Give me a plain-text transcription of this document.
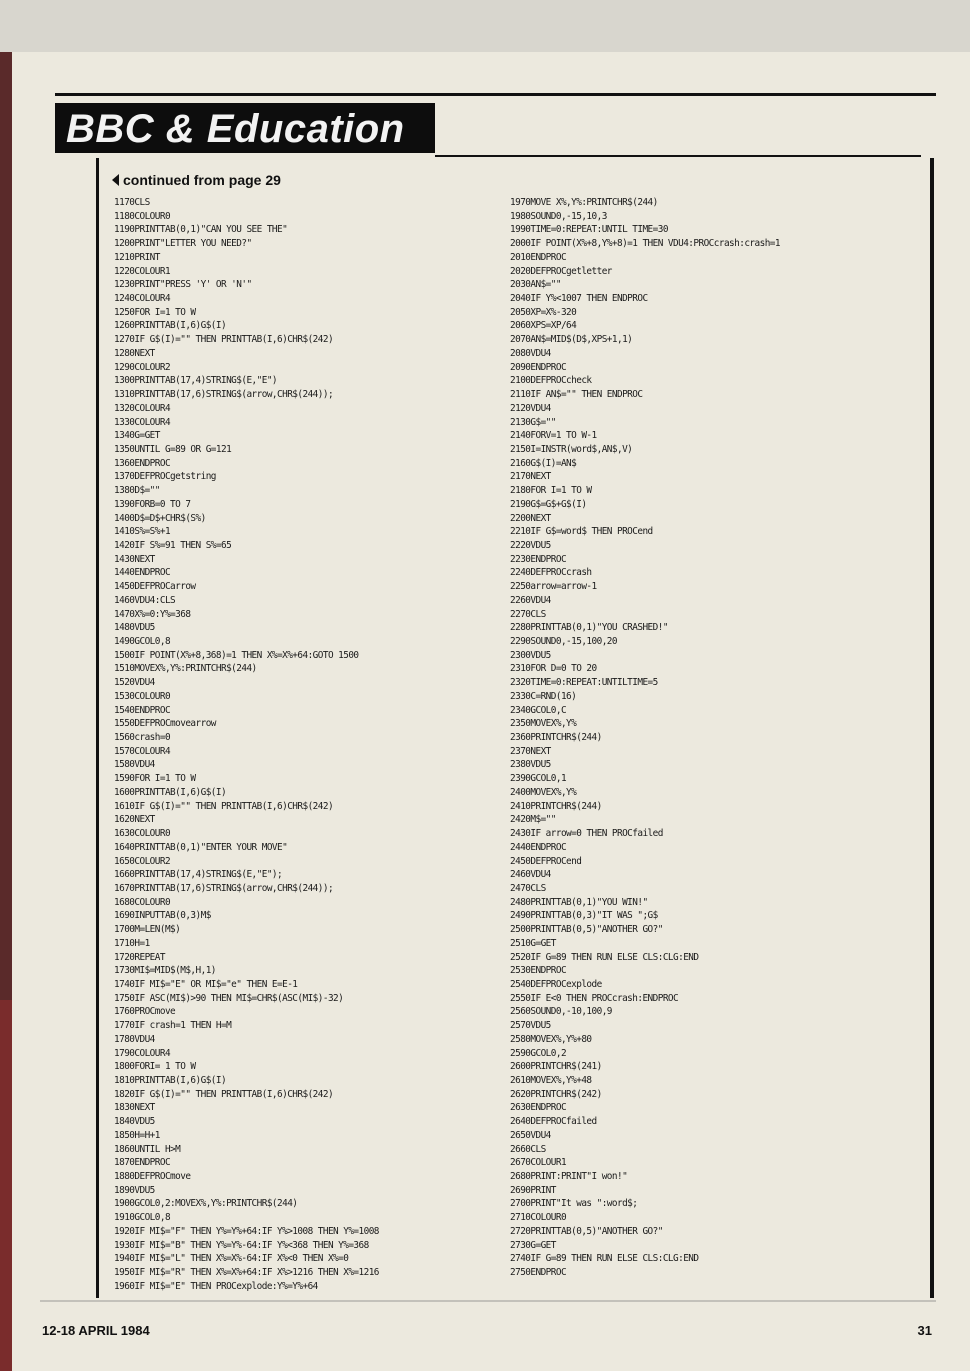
BBC & Education
continued from page 29
1170CLS
1180COLOUR0
1190PRINTTAB(0,1)"CAN YOU SEE THE"
1200PRINT"LETTER YOU NEED?"
1210PRINT
1220COLOUR1
1230PRINT"PRESS 'Y' OR 'N'"
1240COLOUR4
1250FOR I=1 TO W
1260PRINTTAB(I,6)G$(I)
1270IF G$(I)="" THEN PRINTTAB(I,6)CHR$(242)
1280NEXT
1290COLOUR2
1300PRINTTAB(17,4)STRING$(E,"E")
1310PRINTTAB(17,6)STRING$(arrow,CHR$(244));
1320COLOUR4
1330COLOUR4
1340G=GET
1350UNTIL G=89 OR G=121
1360ENDPROC
1370DEFPROCgetstring
1380D$=""
1390FORB=0 TO 7
1400D$=D$+CHR$(S%)
1410S%=S%+1
1420IF S%=91 THEN S%=65
1430NEXT
1440ENDPROC
1450DEFPROCarrow
1460VDU4:CLS
1470X%=0:Y%=368
1480VDU5
1490GCOL0,8
1500IF POINT(X%+8,368)=1 THEN X%=X%+64:GOTO 1500
1510MOVEX%,Y%:PRINTCHR$(244)
1520VDU4
1530COLOUR0
1540ENDPROC
1550DEFPROCmovearrow
1560crash=0
1570COLOUR4
1580VDU4
1590FOR I=1 TO W
1600PRINTTAB(I,6)G$(I)
1610IF G$(I)="" THEN PRINTTAB(I,6)CHR$(242)
1620NEXT
1630COLOUR0
1640PRINTTAB(0,1)"ENTER YOUR MOVE"
1650COLOUR2
1660PRINTTAB(17,4)STRING$(E,"E");
1670PRINTTAB(17,6)STRING$(arrow,CHR$(244));
1680COLOUR0
1690INPUTTAB(0,3)M$
1700M=LEN(M$)
1710H=1
1720REPEAT
1730MI$=MID$(M$,H,1)
1740IF MI$="E" OR MI$="e" THEN E=E-1
1750IF ASC(MI$)>90 THEN MI$=CHR$(ASC(MI$)-32)
1760PROCmove
1770IF crash=1 THEN H=M
1780VDU4
1790COLOUR4
1800FORI= 1 TO W
1810PRINTTAB(I,6)G$(I)
1820IF G$(I)="" THEN PRINTTAB(I,6)CHR$(242)
1830NEXT
1840VDU5
1850H=H+1
1860UNTIL H>M
1870ENDPROC
1880DEFPROCmove
1890VDU5
1900GCOL0,2:MOVEX%,Y%:PRINTCHR$(244)
1910GCOL0,8
1920IF MI$="F" THEN Y%=Y%+64:IF Y%>1008 THEN Y%=1008
1930IF MI$="B" THEN Y%=Y%-64:IF Y%<368 THEN Y%=368
1940IF MI$="L" THEN X%=X%-64:IF X%<0 THEN X%=0
1950IF MI$="R" THEN X%=X%+64:IF X%>1216 THEN X%=1216
1960IF MI$="E" THEN PROCexplode:Y%=Y%+64
1970MOVE X%,Y%:PRINTCHR$(244)
1980SOUND0,-15,10,3
1990TIME=0:REPEAT:UNTIL TIME=30
2000IF POINT(X%+8,Y%+8)=1 THEN VDU4:PROCcrash:crash=1
2010ENDPROC
2020DEFPROCgetletter
2030AN$=""
2040IF Y%<1007 THEN ENDPROC
2050XP=X%-320
2060XPS=XP/64
2070AN$=MID$(D$,XPS+1,1)
2080VDU4
2090ENDPROC
2100DEFPROCcheck
2110IF AN$="" THEN ENDPROC
2120VDU4
2130G$=""
2140FORV=1 TO W-1
2150I=INSTR(word$,AN$,V)
2160G$(I)=AN$
2170NEXT
2180FOR I=1 TO W
2190G$=G$+G$(I)
2200NEXT
2210IF G$=word$ THEN PROCend
2220VDU5
2230ENDPROC
2240DEFPROCcrash
2250arrow=arrow-1
2260VDU4
2270CLS
2280PRINTTAB(0,1)"YOU CRASHED!"
2290SOUND0,-15,100,20
2300VDU5
2310FOR D=0 TO 20
2320TIME=0:REPEAT:UNTILTIME=5
2330C=RND(16)
2340GCOL0,C
2350MOVEX%,Y%
2360PRINTCHR$(244)
2370NEXT
2380VDU5
2390GCOL0,1
2400MOVEX%,Y%
2410PRINTCHR$(244)
2420M$=""
2430IF arrow=0 THEN PROCfailed
2440ENDPROC
2450DEFPROCend
2460VDU4
2470CLS
2480PRINTTAB(0,1)"YOU WIN!"
2490PRINTTAB(0,3)"IT WAS ";G$
2500PRINTTAB(0,5)"ANOTHER GO?"
2510G=GET
2520IF G=89 THEN RUN ELSE CLS:CLG:END
2530ENDPROC
2540DEFPROCexplode
2550IF E<0 THEN PROCcrash:ENDPROC
2560SOUND0,-10,100,9
2570VDU5
2580MOVEX%,Y%+80
2590GCOL0,2
2600PRINTCHR$(241)
2610MOVEX%,Y%+48
2620PRINTCHR$(242)
2630ENDPROC
2640DEFPROCfailed
2650VDU4
2660CLS
2670COLOUR1
2680PRINT:PRINT"I won!"
2690PRINT
2700PRINT"It was ":word$;
2710COLOUR0
2720PRINTTAB(0,5)"ANOTHER GO?"
2730G=GET
2740IF G=89 THEN RUN ELSE CLS:CLG:END
2750ENDPROC
12-18 APRIL 1984	31
